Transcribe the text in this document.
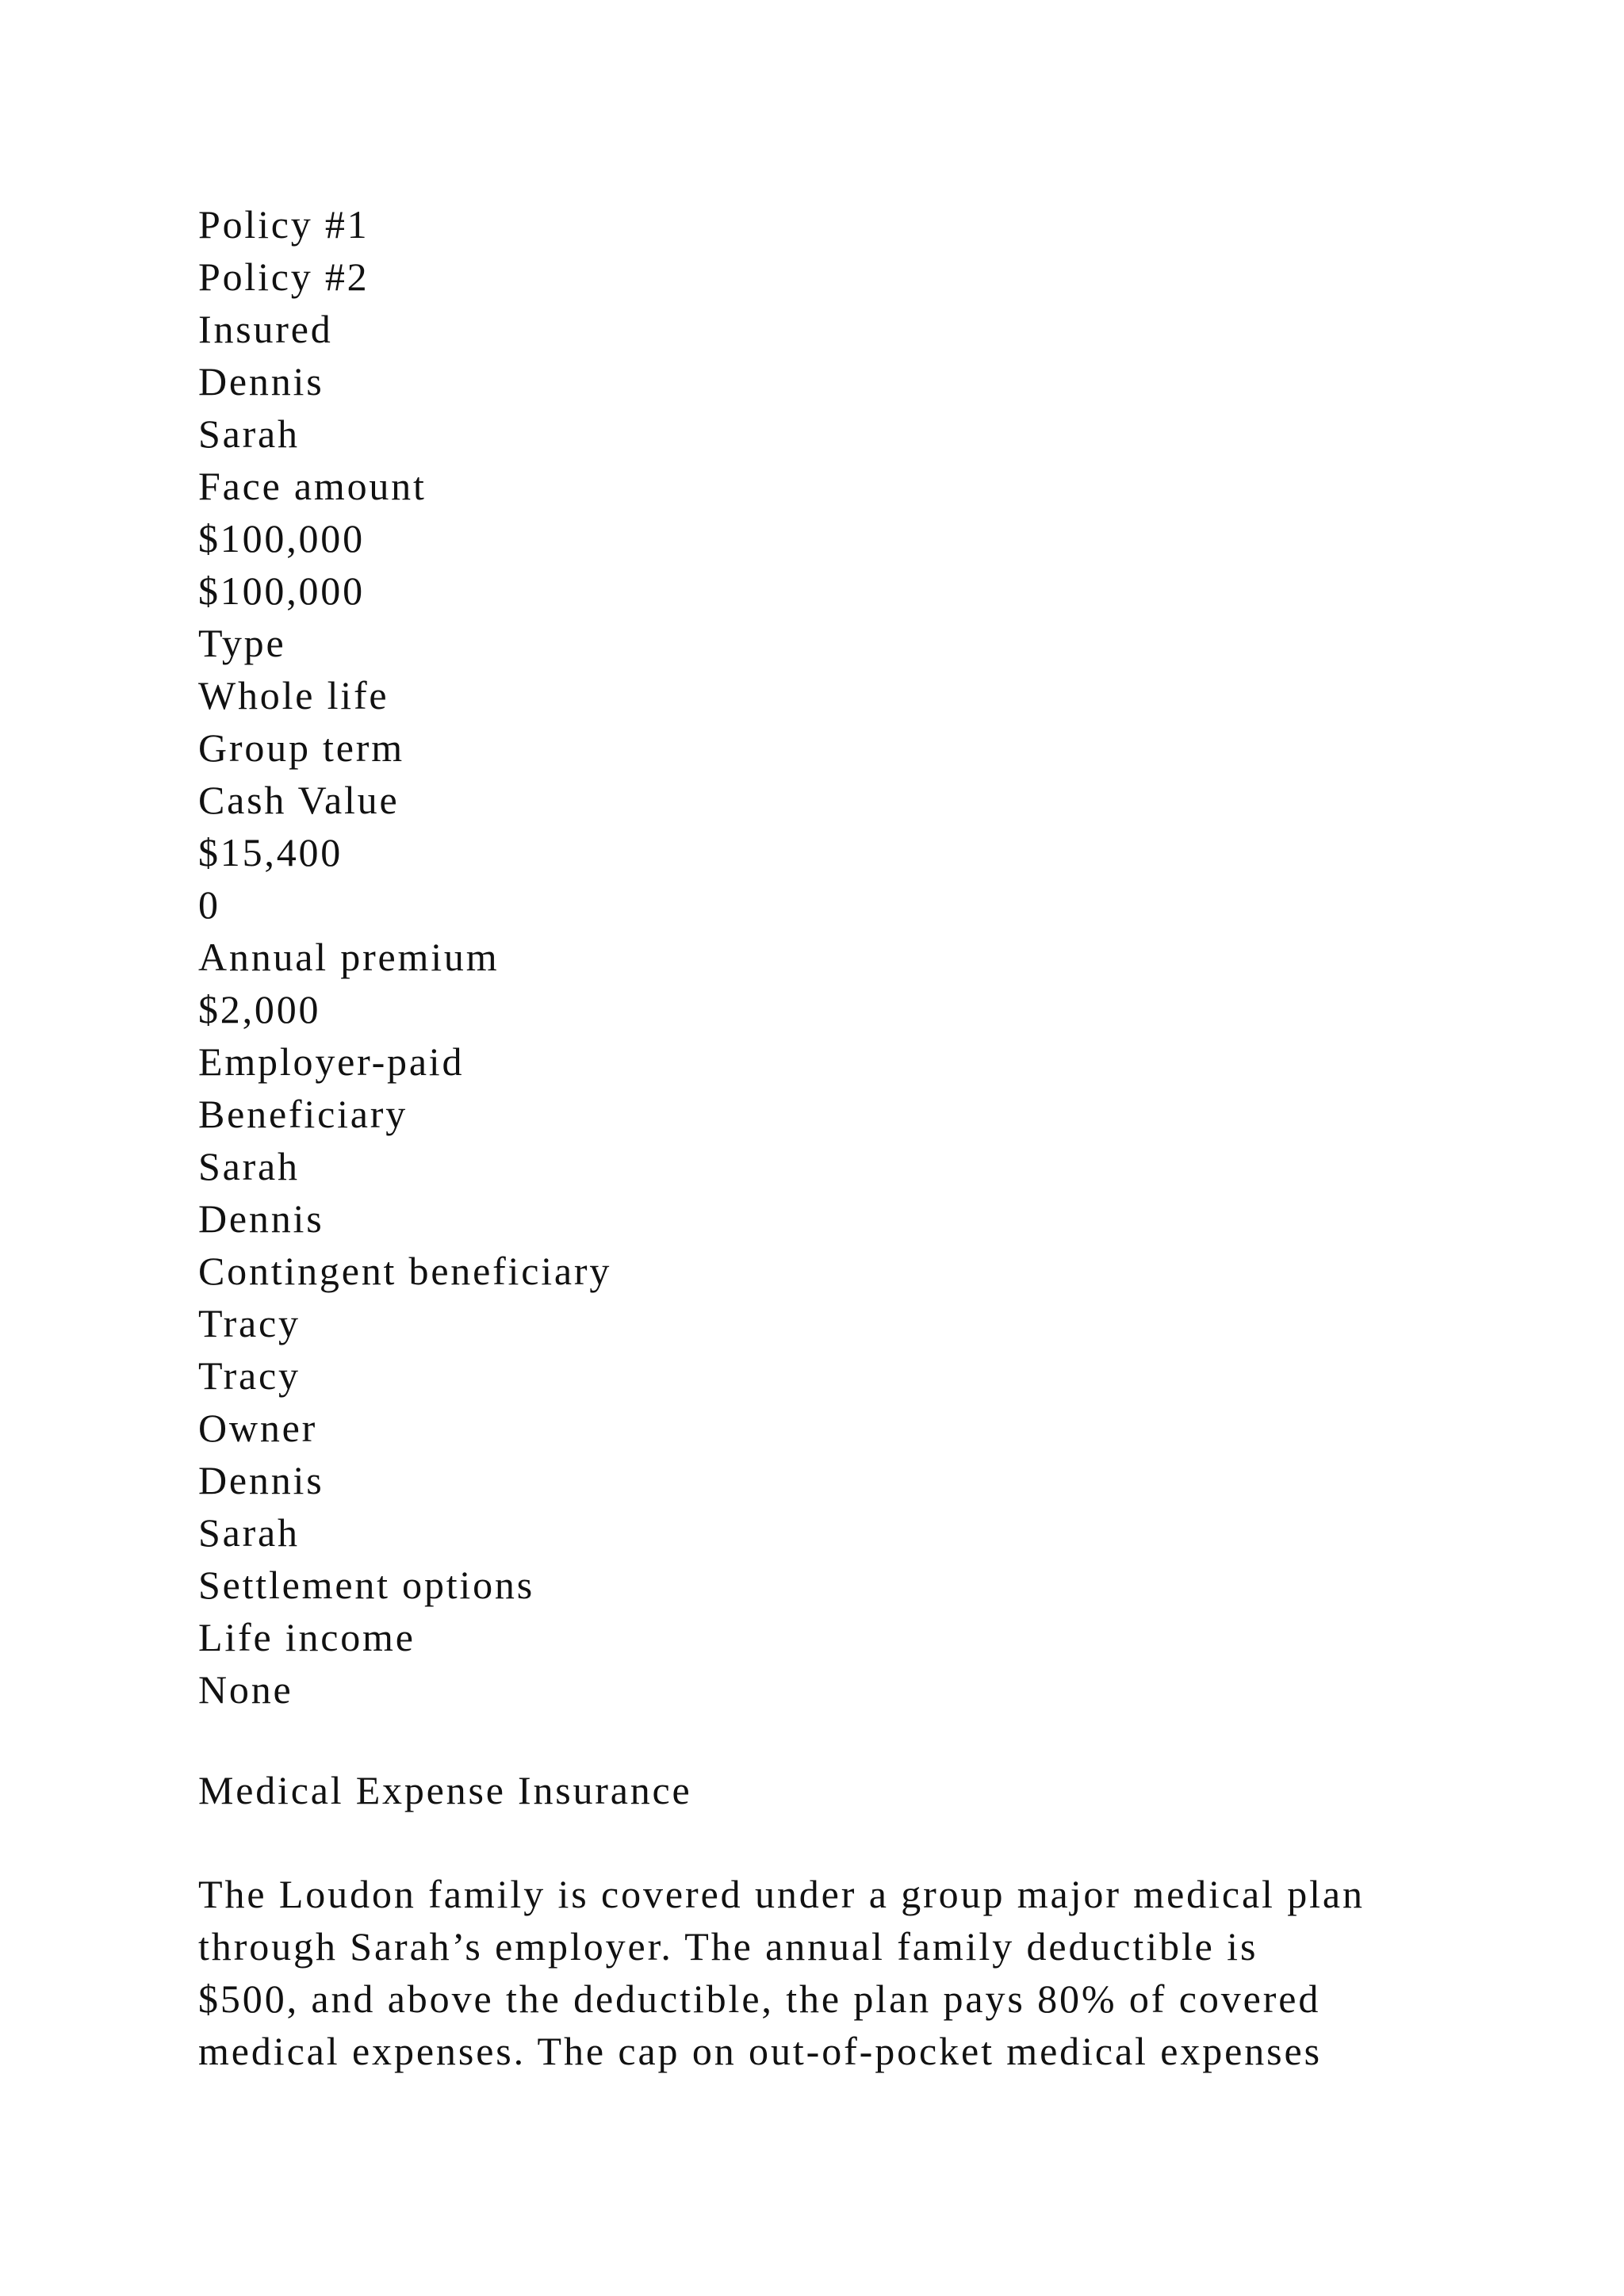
Policy #1
Policy #2
Insured
Dennis
Sarah
Face amount
$100,000
$100,000
Type
Whole life
Group term
Cash Value
$15,400
0
Annual premium
$2,000
Employer-paid
Beneficiary
Sarah
Dennis
Contingent beneficiary
Tracy
Tracy
Owner
Dennis
Sarah
Settlement options
Life income
None
Medical Expense Insurance
The Loudon family is covered under a group major medical plan
through Sarah’s employer. The annual family deductible is
$500, and above the deductible, the plan pays 80% of covered
medical expenses. The cap on out-of-pocket medical expenses
